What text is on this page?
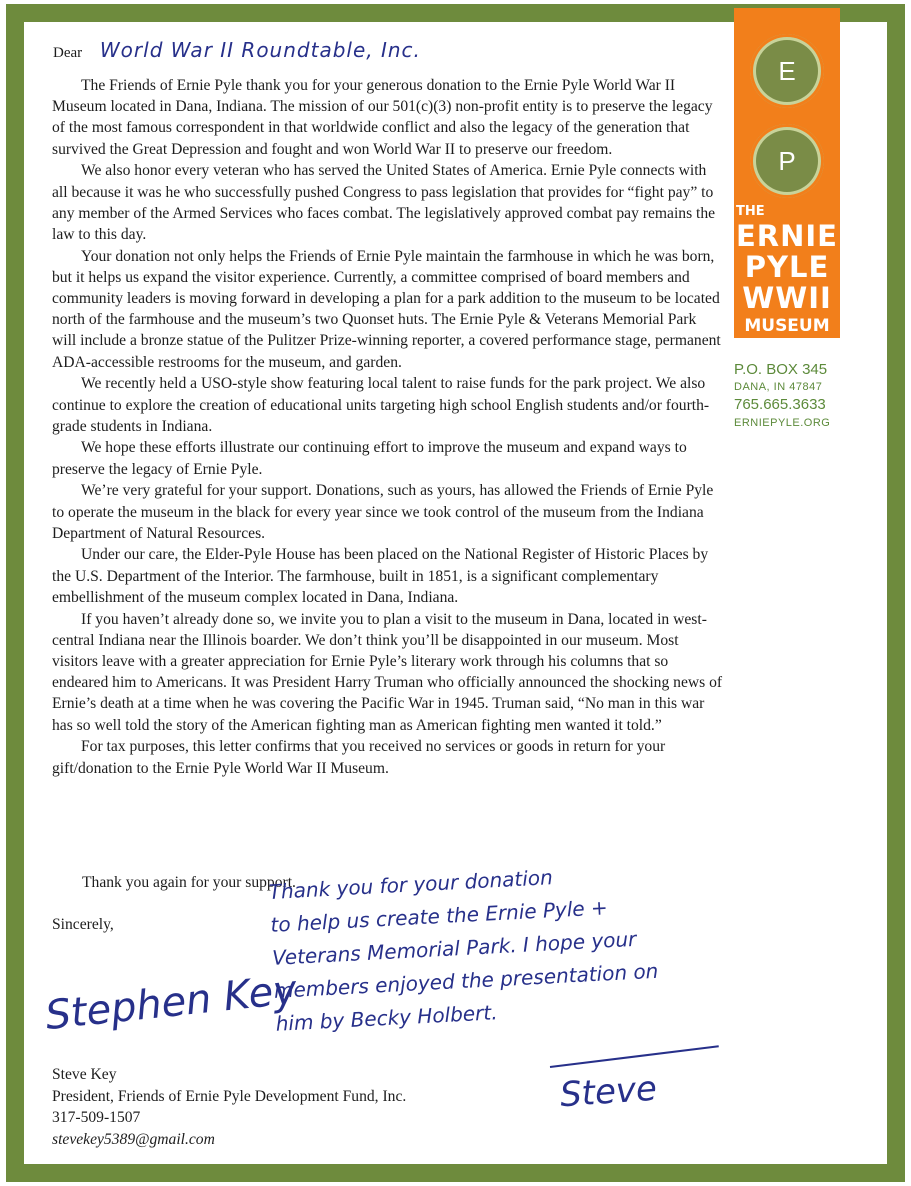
E
P
THE
ERNIE
PYLE
WWII
MUSEUM
P.O. BOX 345
DANA, IN 47847
765.665.3633
ERNIEPYLE.ORG
Dear World War II Roundtable, Inc.

The Friends of Ernie Pyle thank you for your generous donation to the Ernie Pyle World War II Museum located in Dana, Indiana. The mission of our 501(c)(3) non-profit entity is to preserve the legacy of the most famous correspondent in that worldwide conflict and also the legacy of the generation that survived the Great Depression and fought and won World War II to preserve our freedom.

We also honor every veteran who has served the United States of America. Ernie Pyle connects with all because it was he who successfully pushed Congress to pass legislation that provides for “fight pay” to any member of the Armed Services who faces combat. The legislatively approved combat pay remains the law to this day.

Your donation not only helps the Friends of Ernie Pyle maintain the farmhouse in which he was born, but it helps us expand the visitor experience. Currently, a committee comprised of board members and community leaders is moving forward in developing a plan for a park addition to the museum to be located north of the farmhouse and the museum’s two Quonset huts. The Ernie Pyle & Veterans Memorial Park will include a bronze statue of the Pulitzer Prize-winning reporter, a covered performance stage, permanent ADA-accessible restrooms for the museum, and garden.

We recently held a USO-style show featuring local talent to raise funds for the park project. We also continue to explore the creation of educational units targeting high school English students and/or fourth-grade students in Indiana.

We hope these efforts illustrate our continuing effort to improve the museum and expand ways to preserve the legacy of Ernie Pyle.

We’re very grateful for your support. Donations, such as yours, has allowed the Friends of Ernie Pyle to operate the museum in the black for every year since we took control of the museum from the Indiana Department of Natural Resources.

Under our care, the Elder-Pyle House has been placed on the National Register of Historic Places by the U.S. Department of the Interior. The farmhouse, built in 1851, is a significant complementary embellishment of the museum complex located in Dana, Indiana.

If you haven’t already done so, we invite you to plan a visit to the museum in Dana, located in west-central Indiana near the Illinois boarder. We don’t think you’ll be disappointed in our museum. Most visitors leave with a greater appreciation for Ernie Pyle’s literary work through his columns that so endeared him to Americans. It was President Harry Truman who officially announced the shocking news of Ernie’s death at a time when he was covering the Pacific War in 1945. Truman said, “No man in this war has so well told the story of the American fighting man as American fighting men wanted it told.”

For tax purposes, this letter confirms that you received no services or goods in return for your gift/donation to the Ernie Pyle World War II Museum.

Thank you again for your support.
Sincerely,
Thank you for your donation
to help us create the Ernie Pyle +
Veterans Memorial Park. I hope your
members enjoyed the presentation on
him by Becky Holbert.
Stephen Key
Steve
Steve Key
President, Friends of Ernie Pyle Development Fund, Inc.
317-509-1507
stevekey5389@gmail.com
